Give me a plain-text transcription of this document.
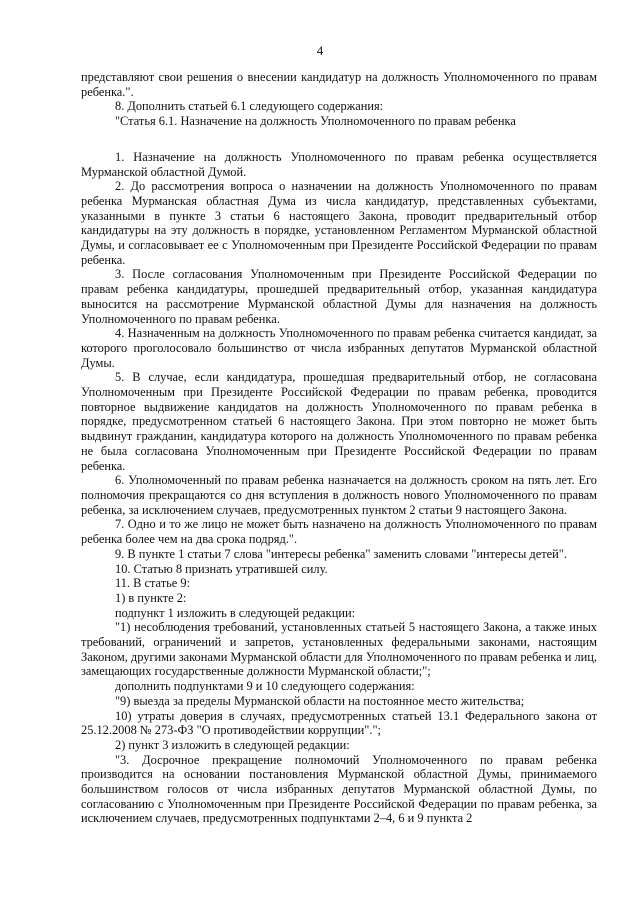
4

представляют свои решения о внесении кандидатур на должность Уполномоченного по правам ребенка.".

8. Дополнить статьей 6.1 следующего содержания:

"Статья 6.1. Назначение на должность Уполномоченного по правам ребенка

1. Назначение на должность Уполномоченного по правам ребенка осуществляется Мурманской областной Думой.

2. До рассмотрения вопроса о назначении на должность Уполномоченного по правам ребенка Мурманская областная Дума из числа кандидатур, представленных субъектами, указанными в пункте 3 статьи 6 настоящего Закона, проводит предварительный отбор кандидатуры на эту должность в порядке, установленном Регламентом Мурманской областной Думы, и согласовывает ее с Уполномоченным при Президенте Российской Федерации по правам ребенка.

3. После согласования Уполномоченным при Президенте Российской Федерации по правам ребенка кандидатуры, прошедшей предварительный отбор, указанная кандидатура выносится на рассмотрение Мурманской областной Думы для назначения на должность Уполномоченного по правам ребенка.

4. Назначенным на должность Уполномоченного по правам ребенка считается кандидат, за которого проголосовало большинство от числа избранных депутатов Мурманской областной Думы.

5. В случае, если кандидатура, прошедшая предварительный отбор, не согласована Уполномоченным при Президенте Российской Федерации по правам ребенка, проводится повторное выдвижение кандидатов на должность Уполномоченного по правам ребенка в порядке, предусмотренном статьей 6 настоящего Закона. При этом повторно не может быть выдвинут гражданин, кандидатура которого на должность Уполномоченного по правам ребенка не была согласована Уполномоченным при Президенте Российской Федерации по правам ребенка.

6. Уполномоченный по правам ребенка назначается на должность сроком на пять лет. Его полномочия прекращаются со дня вступления в должность нового Уполномоченного по правам ребенка, за исключением случаев, предусмотренных пунктом 2 статьи 9 настоящего Закона.

7. Одно и то же лицо не может быть назначено на должность Уполномоченного по правам ребенка более чем на два срока подряд.".

9. В пункте 1 статьи 7 слова "интересы ребенка" заменить словами "интересы детей".

10. Статью 8 признать утратившей силу.

11. В статье 9:

1) в пункте 2:

подпункт 1 изложить в следующей редакции:

"1) несоблюдения требований, установленных статьей 5 настоящего Закона, а также иных требований, ограничений и запретов, установленных федеральными законами, настоящим Законом, другими законами Мурманской области для Уполномоченного по правам ребенка и лиц, замещающих государственные должности Мурманской области;";

дополнить подпунктами 9 и 10 следующего содержания:

"9) выезда за пределы Мурманской области на постоянное место жительства;

10) утраты доверия в случаях, предусмотренных статьей 13.1 Федерального закона от 25.12.2008 № 273-ФЗ "О противодействии коррупции".";

2) пункт 3 изложить в следующей редакции:

"3. Досрочное прекращение полномочий Уполномоченного по правам ребенка производится на основании постановления Мурманской областной Думы, принимаемого большинством голосов от числа избранных депутатов Мурманской областной Думы, по согласованию с Уполномоченным при Президенте Российской Федерации по правам ребенка, за исключением случаев, предусмотренных подпунктами 2–4, 6 и 9 пункта 2
